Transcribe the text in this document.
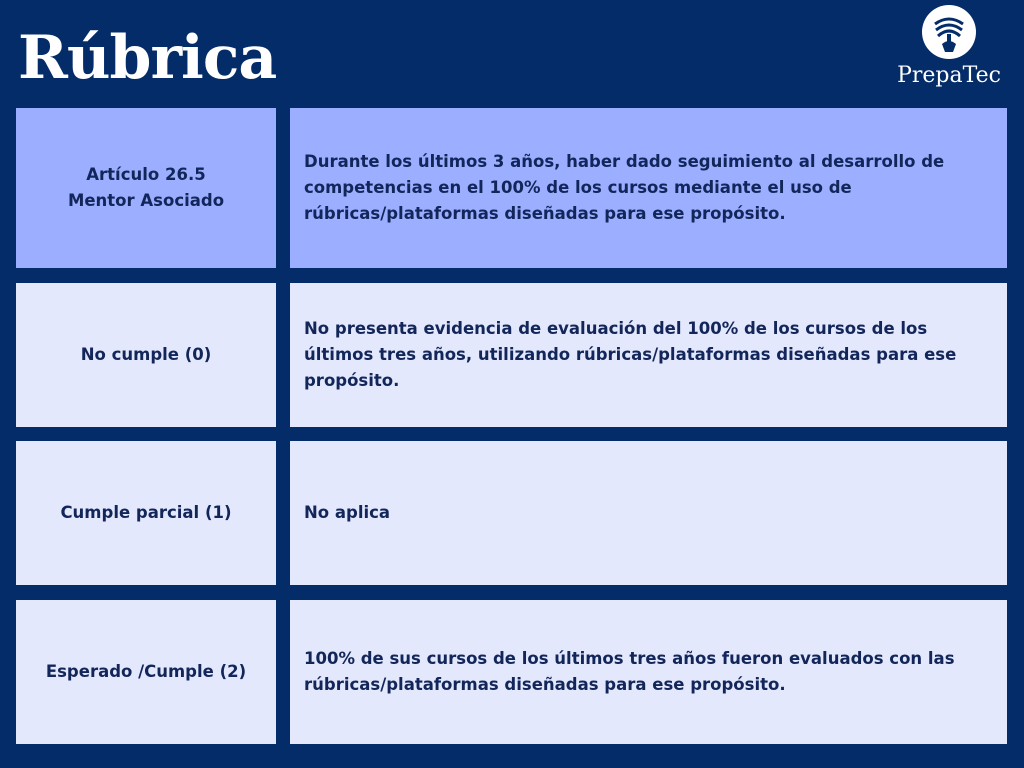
Rúbrica	PrepaTec
Artículo 26.5
Mentor Asociado
Durante los últimos 3 años, haber dado seguimiento al desarrollo de competencias en el 100% de los cursos mediante el uso de rúbricas/plataformas diseñadas para ese propósito.
No cumple (0)
No presenta evidencia de evaluación del 100% de los cursos de los últimos tres años, utilizando rúbricas/plataformas diseñadas para ese propósito.
Cumple parcial (1)	No aplica
Esperado /Cumple (2)
100% de sus cursos de los últimos tres años fueron evaluados con las rúbricas/plataformas diseñadas para ese propósito.
